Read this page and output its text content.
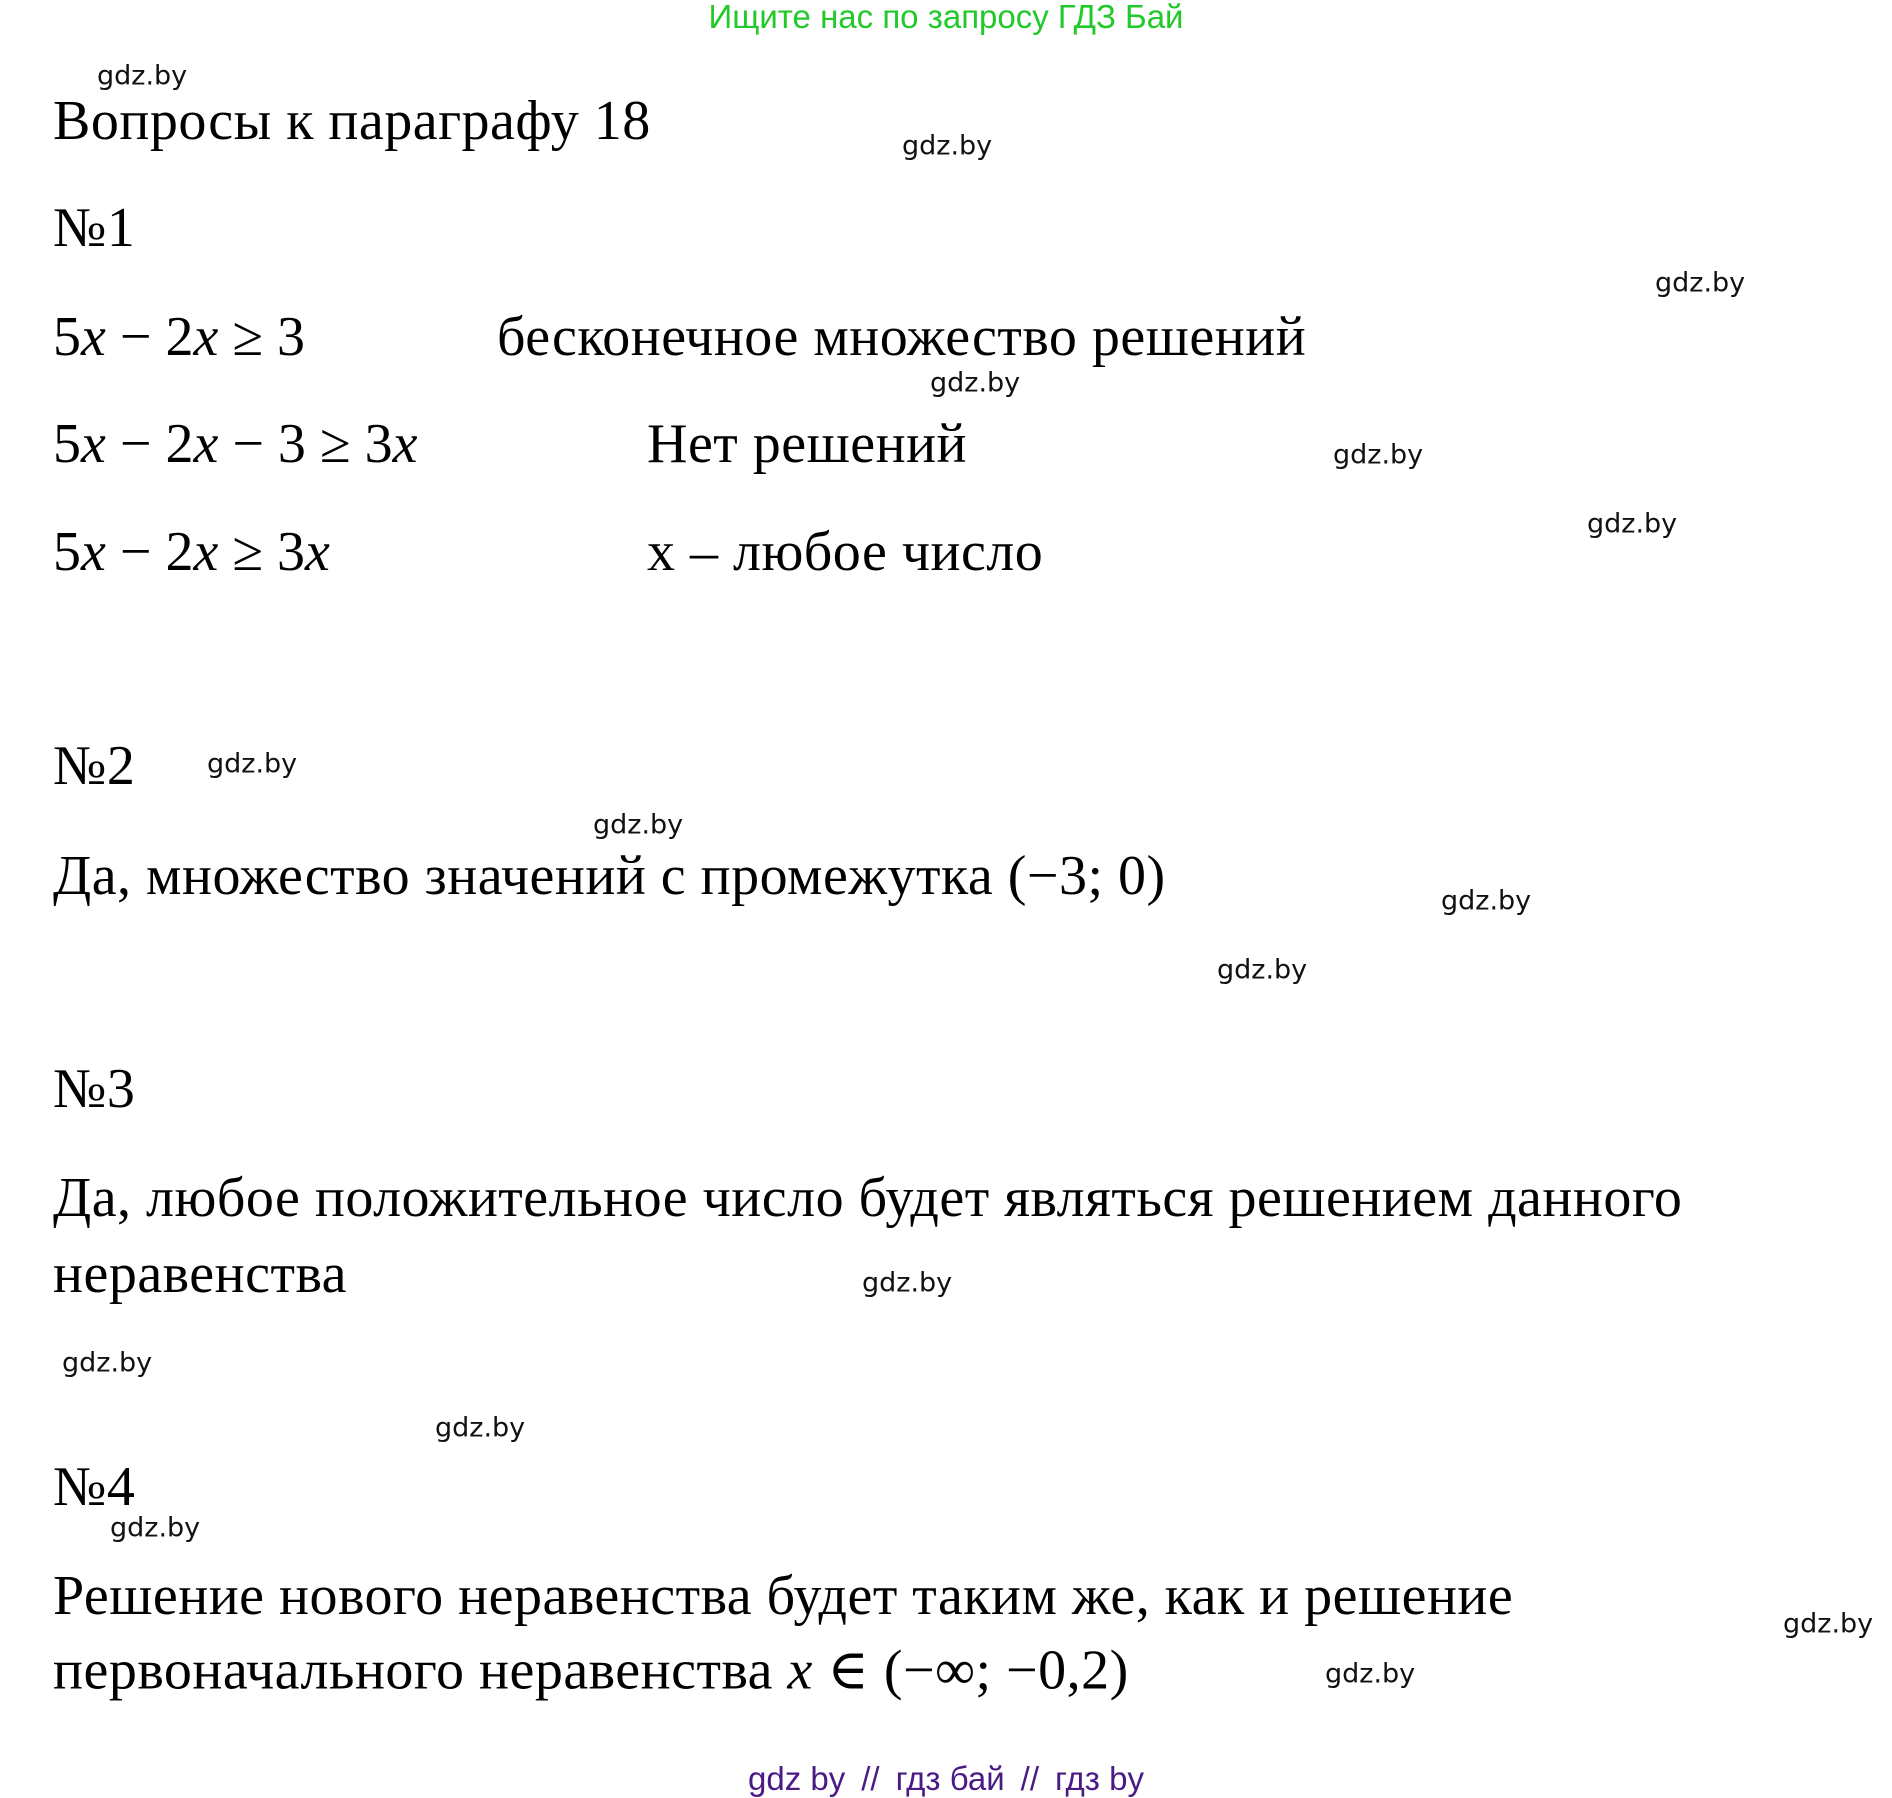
Ищите нас по запросу ГДЗ Бай
gdz.by
Вопросы к параграфу 18	gdz.by
№1
gdz.by
5x − 2x ≥ 3	бесконечное множество решений
gdz.by
5x − 2x − 3 ≥ 3x	Нет решений	gdz.by
gdz.by
5x − 2x ≥ 3x	x – любое число
№2	gdz.by
gdz.by
Да, множество значений с промежутка (−3; 0)	gdz.by
gdz.by
№3
Да, любое положительное число будет являться решением данного
неравенства	gdz.by
gdz.by
gdz.by
№4
gdz.by
Решение нового неравенства будет таким же, как и решение	gdz.by
первоначального неравенства x ∈ (−∞; −0,2)	gdz.by
gdz by // гдз бай // гдз by
